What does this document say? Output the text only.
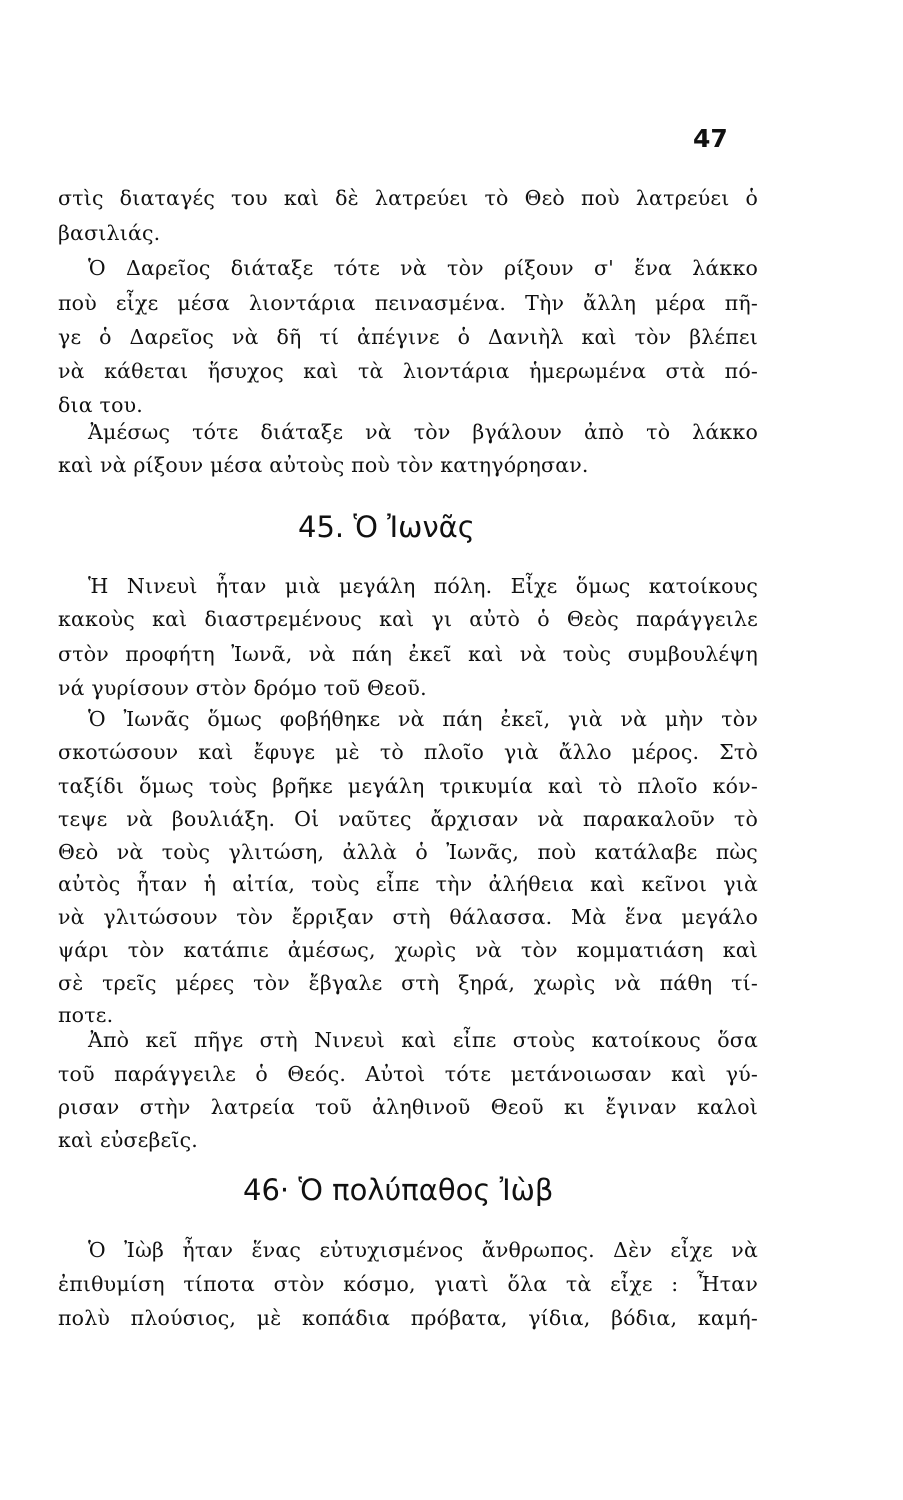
47
στὶς διαταγές του καὶ δὲ λατρεύει τὸ Θεὸ ποὺ λατρεύει ὁ
βασιλιάς.
Ὁ Δαρεῖος διάταξε τότε νὰ τὸν ρίξουν σ' ἕνα λάκκο
ποὺ εἶχε μέσα λιοντάρια πεινασμένα. Τὴν ἄλλη μέρα πῆ-
γε ὁ Δαρεῖος νὰ δῆ τί ἀπέγινε ὁ Δανιὴλ καὶ τὸν βλέπει
νὰ κάθεται ἥσυχος καὶ τὰ λιοντάρια ἡμερωμένα στὰ πό-
δια του.
Ἀμέσως τότε διάταξε νὰ τὸν βγάλουν ἀπὸ τὸ λάκκο
καὶ νὰ ρίξουν μέσα αὐτοὺς ποὺ τὸν κατηγόρησαν.
45. Ὁ Ἰωνᾶς
Ἡ Νινευὶ ἦταν μιὰ μεγάλη πόλη. Εἶχε ὅμως κατοίκους
κακοὺς καὶ διαστρεμένους καὶ γι αὐτὸ ὁ Θεὸς παράγγειλε
στὸν προφήτη Ἰωνᾶ, νὰ πάη ἐκεῖ καὶ νὰ τοὺς συμβουλέψη
νά γυρίσουν στὸν δρόμο τοῦ Θεοῦ.
Ὁ Ἰωνᾶς ὅμως φοβήθηκε νὰ πάη ἐκεῖ, γιὰ νὰ μὴν τὸν
σκοτώσουν καὶ ἔφυγε μὲ τὸ πλοῖο γιὰ ἄλλο μέρος. Στὸ
ταξίδι ὅμως τοὺς βρῆκε μεγάλη τρικυμία καὶ τὸ πλοῖο κόν-
τεψε νὰ βουλιάξη. Οἱ ναῦτες ἄρχισαν νὰ παρακαλοῦν τὸ
Θεὸ νὰ τοὺς γλιτώση, ἀλλὰ ὁ Ἰωνᾶς, ποὺ κατάλαβε πὼς
αὐτὸς ἦταν ἡ αἰτία, τοὺς εἶπε τὴν ἀλήθεια καὶ κεῖνοι γιὰ
νὰ γλιτώσουν τὸν ἔρριξαν στὴ θάλασσα. Μὰ ἕνα μεγάλο
ψάρι τὸν κατάπιε ἀμέσως, χωρὶς νὰ τὸν κομματιάση καὶ
σὲ τρεῖς μέρες τὸν ἔβγαλε στὴ ξηρά, χωρὶς νὰ πάθη τί-
ποτε.
Ἀπὸ κεῖ πῆγε στὴ Νινευὶ καὶ εἶπε στοὺς κατοίκους ὅσα
τοῦ παράγγειλε ὁ Θεός. Αὐτοὶ τότε μετάνοιωσαν καὶ γύ-
ρισαν στὴν λατρεία τοῦ ἀληθινοῦ Θεοῦ κι ἔγιναν καλοὶ
καὶ εὐσεβεῖς.
46· Ὁ πολύπαθος Ἰὼβ
Ὁ Ἰὼβ ἦταν ἕνας εὐτυχισμένος ἄνθρωπος. Δὲν εἶχε νὰ
ἐπιθυμίση τίποτα στὸν κόσμο, γιατὶ ὅλα τὰ εἶχε : Ἦταν
πολὺ πλούσιος, μὲ κοπάδια πρόβατα, γίδια, βόδια, καμή-
